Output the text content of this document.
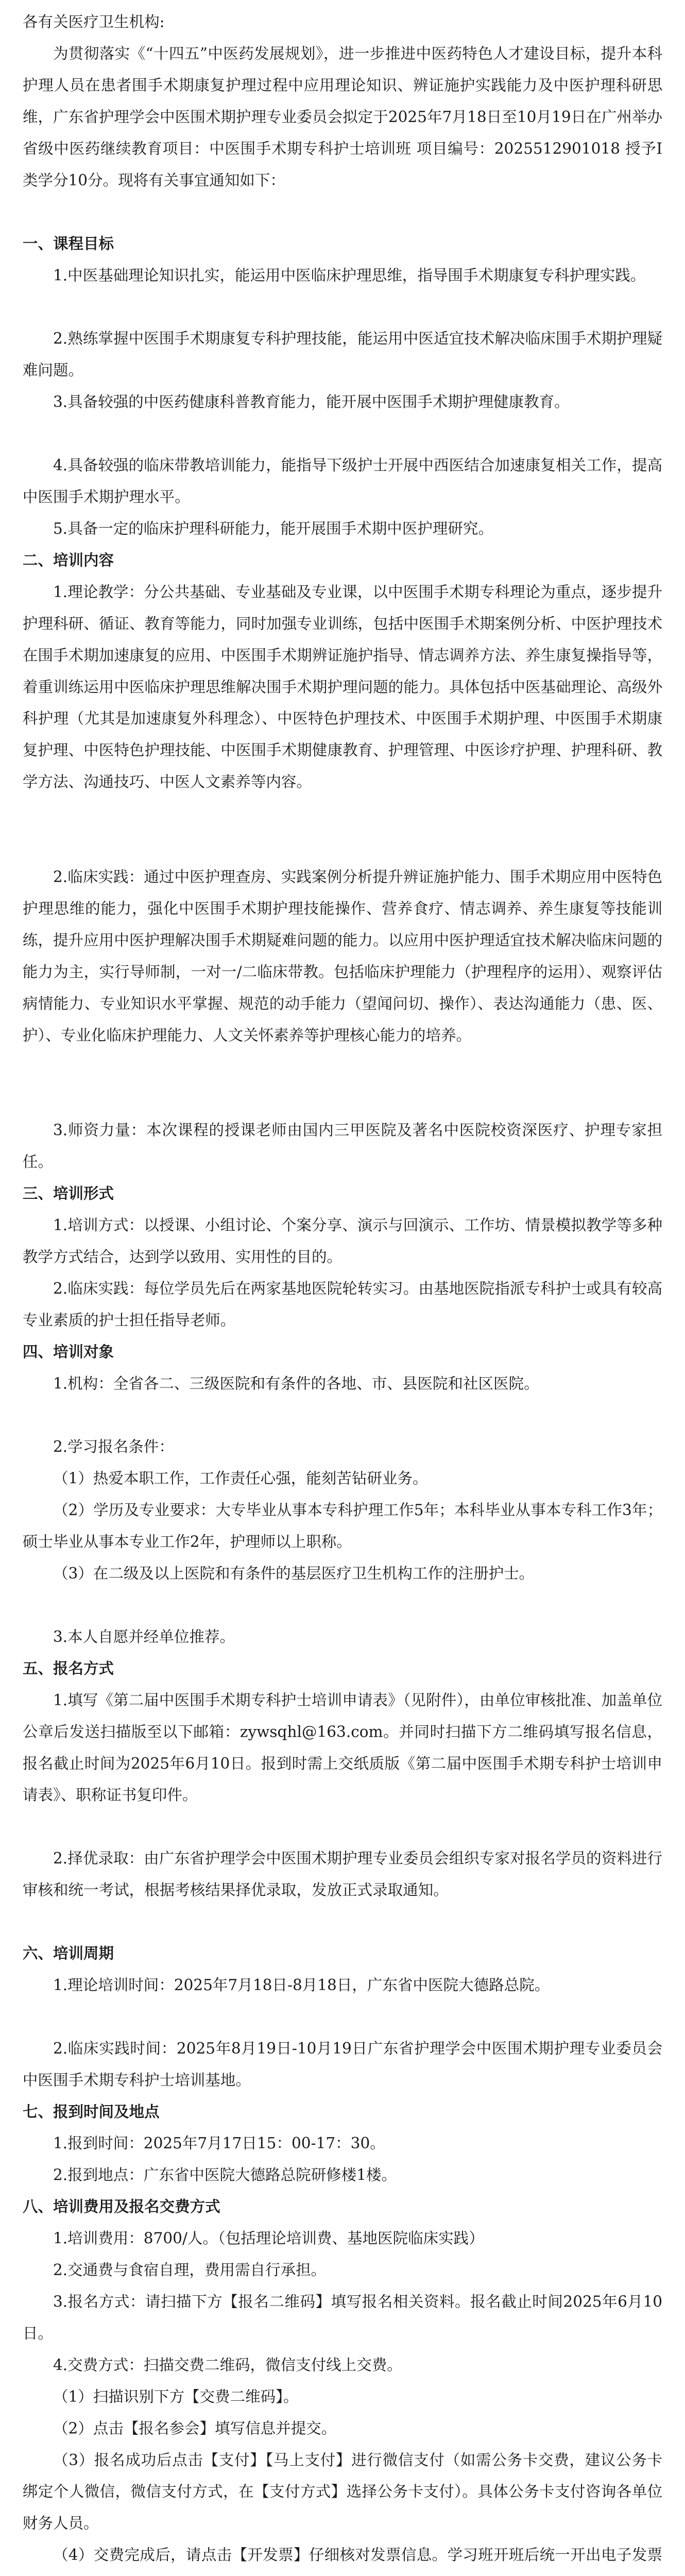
各有关医疗卫生机构:
为贯彻落实《“十四五”中医药发展规划》，进一步推进中医药特色人才建设目标，提升本科护理人员在患者围手术期康复护理过程中应用理论知识、辨证施护实践能力及中医护理科研思维，广东省护理学会中医围术期护理专业委员会拟定于2025年7月18日至10月19日在广州举办省级中医药继续教育项目：中医围手术期专科护士培训班 项目编号：2025512901018 授予Ⅰ类学分10分。现将有关事宜通知如下：
一、课程目标
1.中医基础理论知识扎实，能运用中医临床护理思维，指导围手术期康复专科护理实践。
2.熟练掌握中医围手术期康复专科护理技能，能运用中医适宜技术解决临床围手术期护理疑难问题。
3.具备较强的中医药健康科普教育能力，能开展中医围手术期护理健康教育。
4.具备较强的临床带教培训能力，能指导下级护士开展中西医结合加速康复相关工作，提高中医围手术期护理水平。
5.具备一定的临床护理科研能力，能开展围手术期中医护理研究。
二、培训内容
1.理论教学：分公共基础、专业基础及专业课，以中医围手术期专科理论为重点，逐步提升护理科研、循证、教育等能力，同时加强专业训练，包括中医围手术期案例分析、中医护理技术在围手术期加速康复的应用、中医围手术期辨证施护指导、情志调养方法、养生康复操指导等，着重训练运用中医临床护理思维解决围手术期护理问题的能力。具体包括中医基础理论、高级外科护理（尤其是加速康复外科理念）、中医特色护理技术、中医围手术期护理、中医围手术期康复护理、中医特色护理技能、中医围手术期健康教育、护理管理、中医诊疗护理、护理科研、教学方法、沟通技巧、中医人文素养等内容。
2.临床实践：通过中医护理查房、实践案例分析提升辨证施护能力、围手术期应用中医特色护理思维的能力，强化中医围手术期护理技能操作、营养食疗、情志调养、养生康复等技能训练，提升应用中医护理解决围手术期疑难问题的能力。以应用中医护理适宜技术解决临床问题的能力为主，实行导师制，一对一/二临床带教。包括临床护理能力（护理程序的运用）、观察评估病情能力、专业知识水平掌握、规范的动手能力（望闻问切、操作）、表达沟通能力（患、医、护）、专业化临床护理能力、人文关怀素养等护理核心能力的培养。
3.师资力量：本次课程的授课老师由国内三甲医院及著名中医院校资深医疗、护理专家担任。
三、培训形式
1.培训方式：以授课、小组讨论、个案分享、演示与回演示、工作坊、情景模拟教学等多种教学方式结合，达到学以致用、实用性的目的。
2.临床实践：每位学员先后在两家基地医院轮转实习。由基地医院指派专科护士或具有较高专业素质的护士担任指导老师。
四、培训对象
1.机构：全省各二、三级医院和有条件的各地、市、县医院和社区医院。
2.学习报名条件：
（1）热爱本职工作，工作责任心强，能刻苦钻研业务。
（2）学历及专业要求：大专毕业从事本专科护理工作5年；本科毕业从事本专科工作3年；硕士毕业从事本专业工作2年，护理师以上职称。
（3）在二级及以上医院和有条件的基层医疗卫生机构工作的注册护士。
3.本人自愿并经单位推荐。
五、报名方式
1.填写《第二届中医围手术期专科护士培训申请表》（见附件），由单位审核批准、加盖单位公章后发送扫描版至以下邮箱：zywsqhl@163.com。并同时扫描下方二维码填写报名信息，报名截止时间为2025年6月10日。报到时需上交纸质版《第二届中医围手术期专科护士培训申请表》、职称证书复印件。
2.择优录取：由广东省护理学会中医围术期护理专业委员会组织专家对报名学员的资料进行审核和统一考试，根据考核结果择优录取，发放正式录取通知。
六、培训周期
1.理论培训时间：2025年7月18日-8月18日，广东省中医院大德路总院。
2.临床实践时间：2025年8月19日-10月19日广东省护理学会中医围术期护理专业委员会中医围手术期专科护士培训基地。
七、报到时间及地点
1.报到时间：2025年7月17日15：00-17：30。
2.报到地点：广东省中医院大德路总院研修楼1楼。
八、培训费用及报名交费方式
1.培训费用：8700/人。（包括理论培训费、基地医院临床实践）
2.交通费与食宿自理，费用需自行承担。
3.报名方式：请扫描下方【报名二维码】填写报名相关资料。报名截止时间2025年6月10日。
4.交费方式：扫描交费二维码，微信支付线上交费。
（1）扫描识别下方【交费二维码】。
（2）点击【报名参会】填写信息并提交。
（3）报名成功后点击【支付】【马上支付】进行微信支付（如需公务卡交费，建议公务卡绑定个人微信，微信支付方式，在【支付方式】选择公务卡支付）。具体公务卡支付咨询各单位财务人员。
（4）交费完成后，请点击【开发票】仔细核对发票信息。学习班开班后统一开出电子发票
